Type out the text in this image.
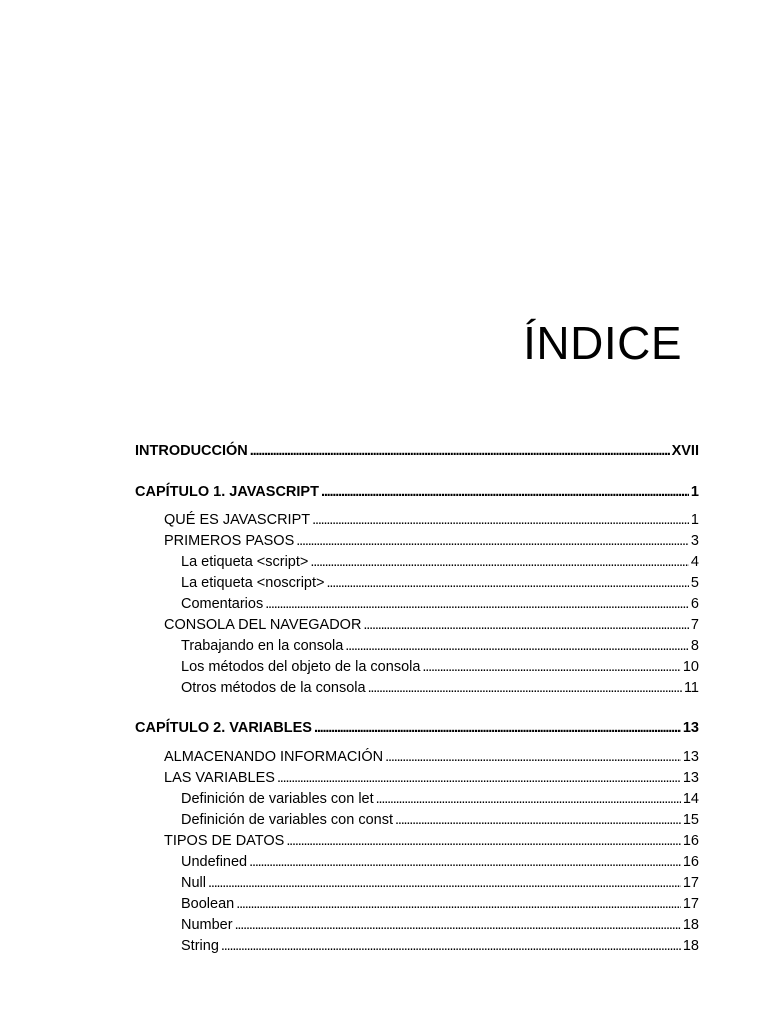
ÍNDICE
INTRODUCCIÓN . . .	XVII
CAPÍTULO 1. JAVASCRIPT . . .	1
QUÉ ES JAVASCRIPT . . .	1
PRIMEROS PASOS . . .	3
La etiqueta <script> . . .	4
La etiqueta <noscript> . . .	5
Comentarios . . .	6
CONSOLA DEL NAVEGADOR . . .	7
Trabajando en la consola . . .	8
Los métodos del objeto de la consola . . .	10
Otros métodos de la consola . . .	11
CAPÍTULO 2. VARIABLES . . .	13
ALMACENANDO INFORMACIÓN . . .	13
LAS VARIABLES . . .	13
Definición de variables con let . . .	14
Definición de variables con const . . .	15
TIPOS DE DATOS . . .	16
Undefined . . .	16
Null . . .	17
Boolean . . .	17
Number . . .	18
String . . .	18
